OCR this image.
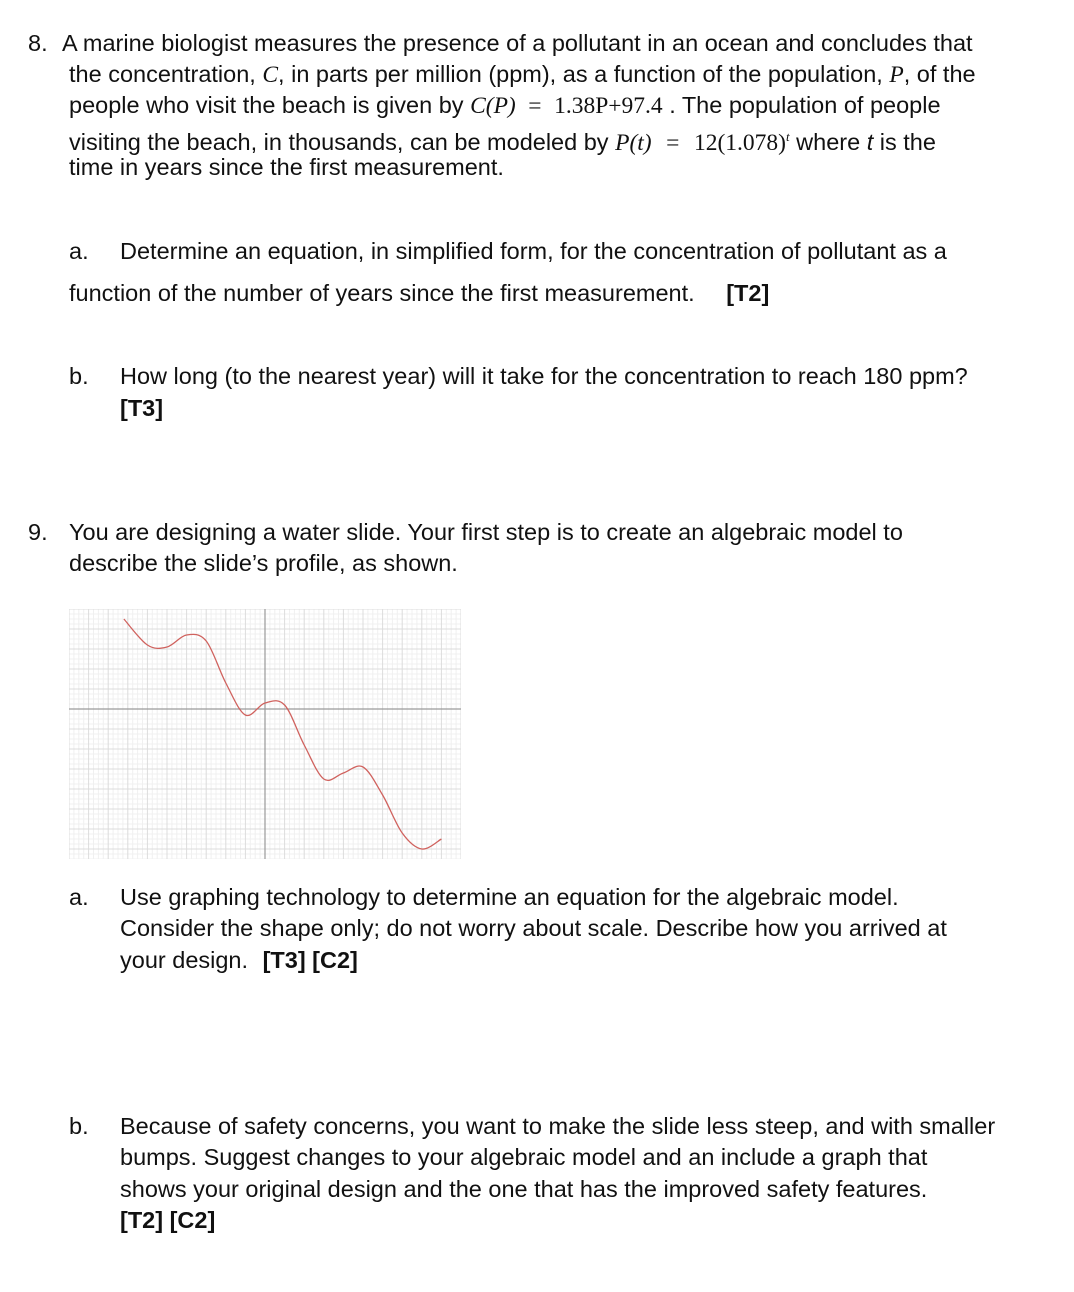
8. A marine biologist measures the presence of a pollutant in an ocean and concludes that
the concentration, C, in parts per million (ppm), as a function of the population, P, of the
people who visit the beach is given by C(P) = 1.38P+97.4 . The population of people
visiting the beach, in thousands, can be modeled by $P(t) = 12(1.078)^t$ where t is the
time in years since the first measurement.
a. Determine an equation, in simplified form, for the concentration of pollutant as a
function of the number of years since the first measurement. [T2]
b. How long (to the nearest year) will it take for the concentration to reach 180 ppm?
[T3]
9. You are designing a water slide. Your first step is to create an algebraic model to
describe the slide’s profile, as shown.
a. Use graphing technology to determine an equation for the algebraic model.
Consider the shape only; do not worry about scale. Describe how you arrived at
your design. [T3] [C2]
b. Because of safety concerns, you want to make the slide less steep, and with smaller
bumps. Suggest changes to your algebraic model and an include a graph that
shows your original design and the one that has the improved safety features.
[T2] [C2]
